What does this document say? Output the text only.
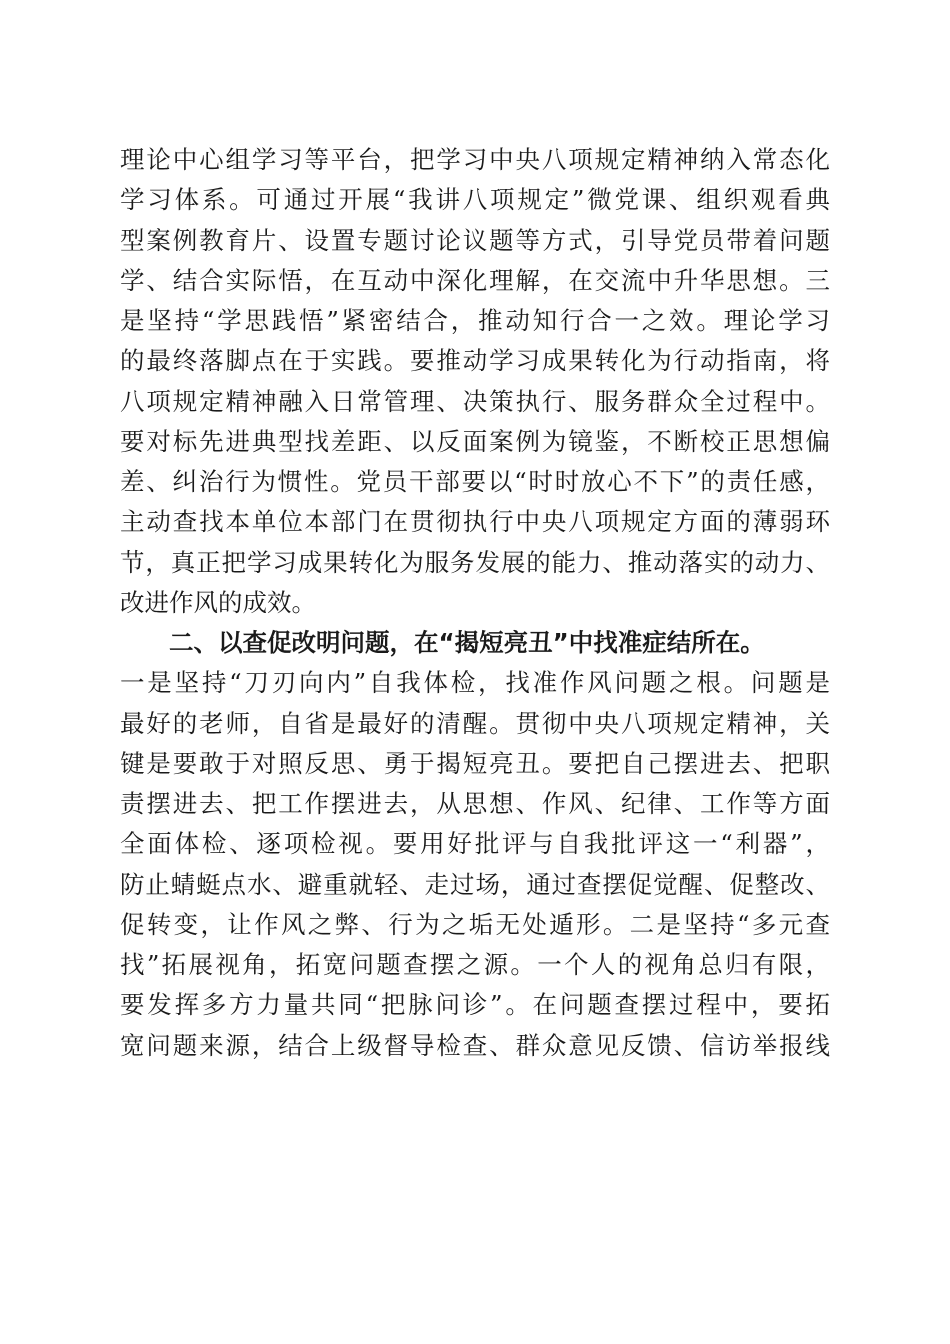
理论中心组学习等平台，把学习中央八项规定精神纳入常态化
学习体系。可通过开展“我讲八项规定”微党课、组织观看典
型案例教育片、设置专题讨论议题等方式，引导党员带着问题
学、结合实际悟，在互动中深化理解，在交流中升华思想。三
是坚持“学思践悟”紧密结合，推动知行合一之效。理论学习
的最终落脚点在于实践。要推动学习成果转化为行动指南，将
八项规定精神融入日常管理、决策执行、服务群众全过程中。
要对标先进典型找差距、以反面案例为镜鉴，不断校正思想偏
差、纠治行为惯性。党员干部要以“时时放心不下”的责任感，
主动查找本单位本部门在贯彻执行中央八项规定方面的薄弱环
节，真正把学习成果转化为服务发展的能力、推动落实的动力、
改进作风的成效。
二、以查促改明问题，在“揭短亮丑”中找准症结所在。
一是坚持“刀刃向内”自我体检，找准作风问题之根。问题是
最好的老师，自省是最好的清醒。贯彻中央八项规定精神，关
键是要敢于对照反思、勇于揭短亮丑。要把自己摆进去、把职
责摆进去、把工作摆进去，从思想、作风、纪律、工作等方面
全面体检、逐项检视。要用好批评与自我批评这一“利器”，
防止蜻蜓点水、避重就轻、走过场，通过查摆促觉醒、促整改、
促转变，让作风之弊、行为之垢无处遁形。二是坚持“多元查
找”拓展视角，拓宽问题查摆之源。一个人的视角总归有限，
要发挥多方力量共同“把脉问诊”。在问题查摆过程中，要拓
宽问题来源，结合上级督导检查、群众意见反馈、信访举报线
